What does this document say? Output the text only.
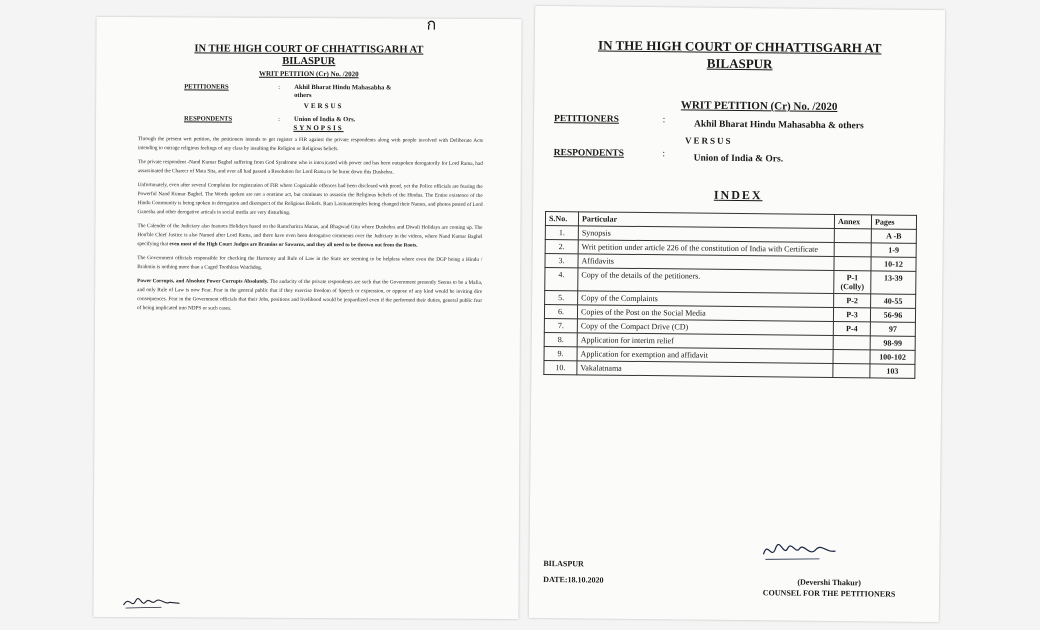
ก
IN THE HIGH COURT OF CHHATTISGARH AT
BILASPUR
WRIT PETITION (Cr) No. /2020
PETITIONERS	:	Akhil Bharat Hindu Mahasabha & others
VERSUS
RESPONDENTS	:	Union of India & Ors.
SYNOPSIS

Through the present writ petition, the petitioners intends to get register a FIR against the private respondents along with people involved with Deliberate Acts intending to outrage religious feelings of any class by insulting the Religion or Religious beliefs.

The private respondent -Nand Kumar Baghel suffering from God Syndrome who is intoxicated with power and has been outspoken derogatorily for Lord Rama, had assassinated the Charecr of Mata Sita, and over all had passed a Resolution for Lord Rama to be burnt down this Dushehra.

Unfortunately, even after several Complains for registration of FIR where Cognizable offences had been disclosed with proof, yet the Police officials are fearing the Powerful Nand Kumar Baghel. The Words spoken are not a onetime act, but continues to assassin the Religious beliefs of the Hindus. The Entire existence of the Hindu Community is being spoken in derogation and disrespect of the Religious Beliefs. Ram Laxmantemples being changed their Names, and photos posted of Lord Ganesha and other derogative articals in social media are very disturbing.

The Calender of the Judiciary also features Holidays based on the Ramcharitra Manas, and Bhagwad Gita where Dushehra and Diwali Holidays are coming up. The Hon'ble Chief Justice is also Named after Lord Rama, and there have even been derogative comments over the Judiciary in the videos, where Nand Kumar Baghel specifying that even most of the High Court Judges are Bramins or Sawarns, and they all need to be thrown out from the Roots.

The Government officials responsible for checking the Harmony and Rule of Law in the State are seeming to be helpless where even the DGP being a Hindu / Brahmin is nothing more than a Caged Toothless Watchdog.

Power Corrupts, and Absolute Power Corrupts Absolutely. The audacity of the private respondents are such that the Government presently Seems to be a Mafia, and only Rule of Law is now Fear. Fear in the general public that if they exercise freedom of Speech or expression, or oppose of any kind would be inviting dire consequences. Fear in the Government officials that their Jobs, positions and livelihood would be jeopardized even if the performed their duties, general public fear of being implicated into NDPS or such cases.

IN THE HIGH COURT OF CHHATTISGARH AT
BILASPUR
WRIT PETITION (Cr) No. /2020
PETITIONERS	:	Akhil Bharat Hindu Mahasabha & others
VERSUS
RESPONDENTS	:	Union of India & Ors.
INDEX
S.No.	Particular	Annex	Pages
1.	Synopsis		A -B
2.	Writ petition under article 226 of the constitution of India with Certificate		1-9
3.	Affidavits		10-12
4.	Copy of the details of the petitioners.	P-1 (Colly)	13-39
5.	Copy of the Complaints	P-2	40-55
6.	Copies of the Post on the Social Media	P-3	56-96
7.	Copy of the Compact Drive (CD)	P-4	97
8.	Application for interim relief		98-99
9.	Application for exemption and affidavit		100-102
10.	Vakalatnama		103
BILASPUR
DATE:18.10.2020	(Devershi Thakur)
COUNSEL FOR THE PETITIONERS
